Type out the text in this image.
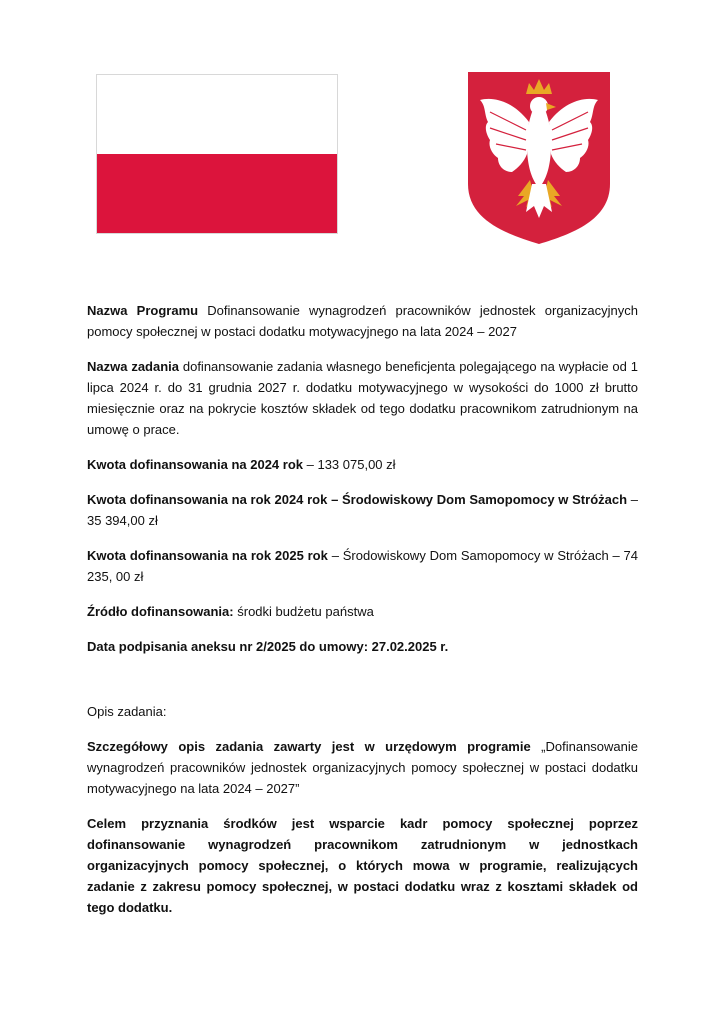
Nazwa Programu Dofinansowanie wynagrodzeń pracowników jednostek organizacyjnych pomocy społecznej w postaci dodatku motywacyjnego na lata 2024 – 2027

Nazwa zadania dofinansowanie zadania własnego beneficjenta polegającego na wypłacie od 1 lipca 2024 r. do 31 grudnia 2027 r. dodatku motywacyjnego w wysokości do 1000 zł brutto miesięcznie oraz na pokrycie kosztów składek od tego dodatku pracownikom zatrudnionym na umowę o prace.

Kwota dofinansowania na 2024 rok – 133 075,00 zł

Kwota dofinansowania na rok 2024 rok – Środowiskowy Dom Samopomocy w Stróżach – 35 394,00 zł

Kwota dofinansowania na rok 2025 rok – Środowiskowy Dom Samopomocy w Stróżach – 74 235, 00 zł

Źródło dofinansowania: środki budżetu państwa

Data podpisania aneksu nr 2/2025 do umowy: 27.02.2025 r.

Opis zadania:

Szczegółowy opis zadania zawarty jest w urzędowym programie „Dofinansowanie wynagrodzeń pracowników jednostek organizacyjnych pomocy społecznej w postaci dodatku motywacyjnego na lata 2024 – 2027”

Celem przyznania środków jest wsparcie kadr pomocy społecznej poprzez dofinansowanie wynagrodzeń pracownikom zatrudnionym w jednostkach organizacyjnych pomocy społecznej, o których mowa w programie, realizujących zadanie z zakresu pomocy społecznej, w postaci dodatku wraz z kosztami składek od tego dodatku.
